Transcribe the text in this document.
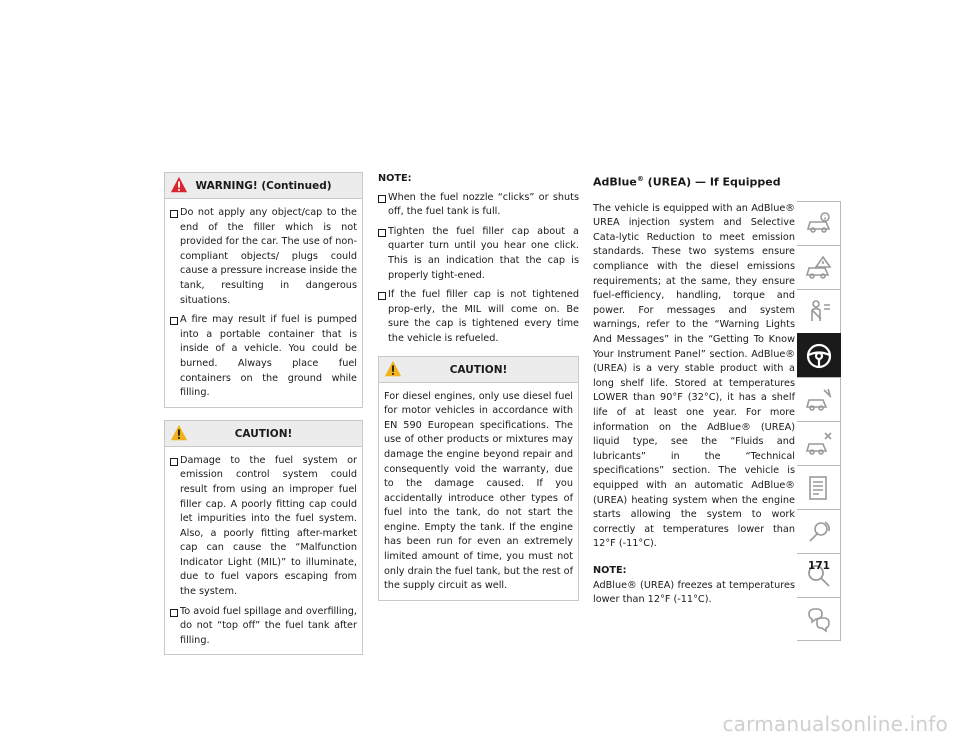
WARNING! (Continued)
Do not apply any object/cap to the end of the filler which is not provided for the car. The use of non-compliant objects/ plugs could cause a pressure increase inside the tank, resulting in dangerous situations.
A fire may result if fuel is pumped into a portable container that is inside of a vehicle. You could be burned. Always place fuel containers on the ground while filling.
CAUTION!
Damage to the fuel system or emission control system could result from using an improper fuel filler cap. A poorly fitting cap could let impurities into the fuel system. Also, a poorly fitting after-market cap can cause the “Malfunction Indicator Light (MIL)” to illuminate, due to fuel vapors escaping from the system.
To avoid fuel spillage and overfilling, do not “top off” the fuel tank after filling.
NOTE:
When the fuel nozzle “clicks” or shuts off, the fuel tank is full.
Tighten the fuel filler cap about a quarter turn until you hear one click. This is an indication that the cap is properly tight-ened.
If the fuel filler cap is not tightened prop-erly, the MIL will come on. Be sure the cap is tightened every time the vehicle is refueled.
CAUTION!

For diesel engines, only use diesel fuel for motor vehicles in accordance with EN 590 European specifications. The use of other products or mixtures may damage the engine beyond repair and consequently void the warranty, due to the damage caused. If you accidentally introduce other types of fuel into the tank, do not start the engine. Empty the tank. If the engine has been run for even an extremely limited amount of time, you must not only drain the fuel tank, but the rest of the supply circuit as well.

AdBlue® (UREA) — If Equipped

The vehicle is equipped with an AdBlue® UREA injection system and Selective Cata-lytic Reduction to meet emission standards. These two systems ensure compliance with the diesel emissions requirements; at the same, they ensure fuel-efficiency, handling, torque and power. For messages and system warnings, refer to the “Warning Lights And Messages” in the “Getting To Know Your Instrument Panel” section. AdBlue® (UREA) is a very stable product with a long shelf life. Stored at temperatures LOWER than 90°F (32°C), it has a shelf life of at least one year. For more information on the AdBlue® (UREA) liquid type, see the “Fluids and lubricants” in the “Technical specifications” section. The vehicle is equipped with an automatic AdBlue® (UREA) heating system when the engine starts allowing the system to work correctly at temperatures lower than 12°F (-11°C).

NOTE:

AdBlue® (UREA) freezes at temperatures lower than 12°F (-11°C).

171
carmanualsonline.info
